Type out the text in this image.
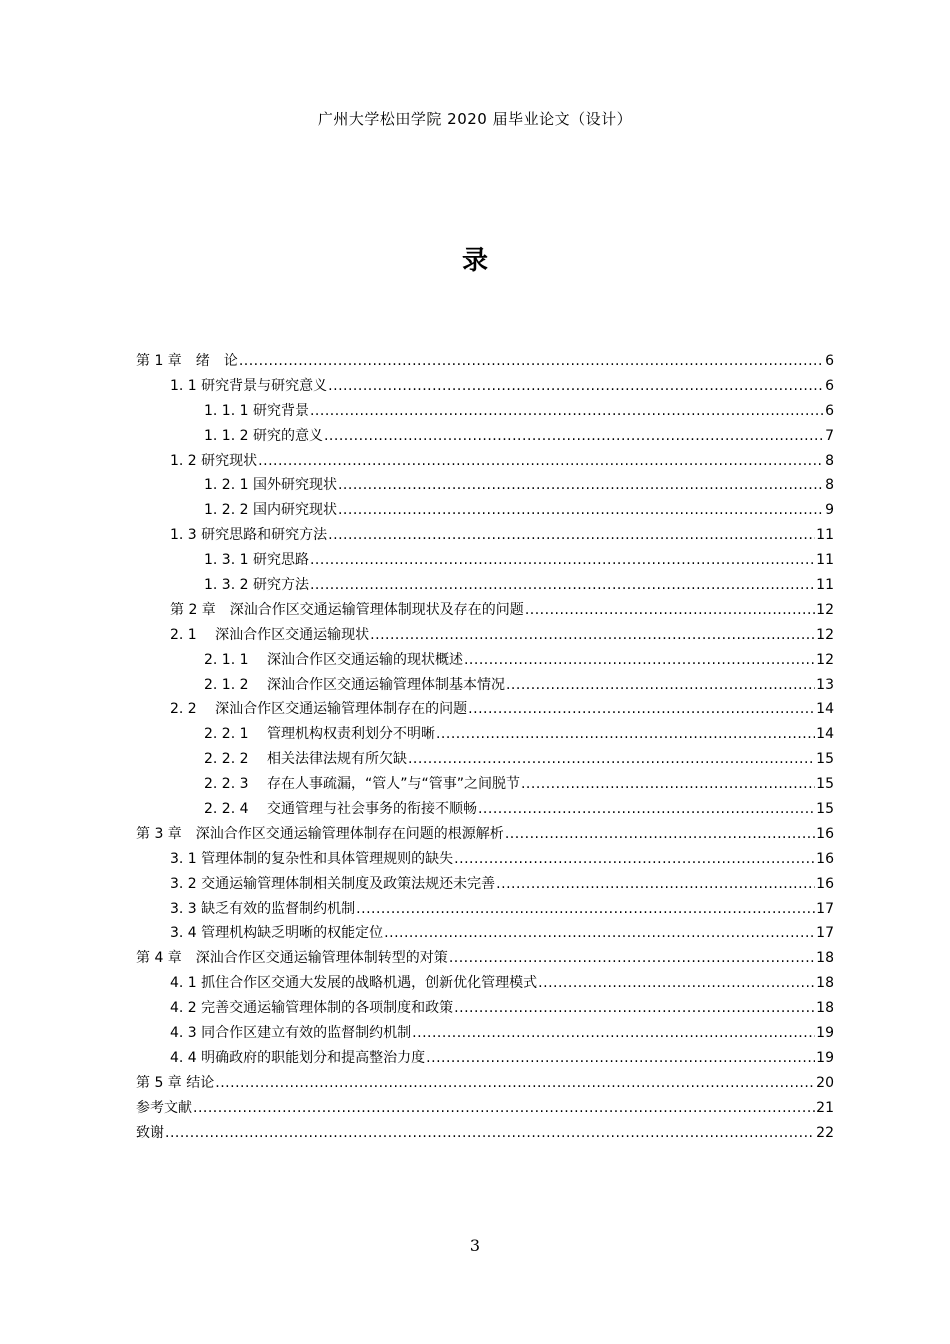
广州大学松田学院 2020 届毕业论文（设计）
录
第 1 章　绪　论 .....	6
1. 1 研究背景与研究意义 .....	6
1. 1. 1 研究背景 .....	6
1. 1. 2 研究的意义 .....	7
1. 2 研究现状 .....	8
1. 2. 1 国外研究现状 .....	8
1. 2. 2 国内研究现状 .....	9
1. 3 研究思路和研究方法 .....	11
1. 3. 1 研究思路 .....	11
1. 3. 2 研究方法 .....	11
第 2 章　深汕合作区交通运输管理体制现状及存在的问题 .....	12
2. 1　 深汕合作区交通运输现状 .....	12
2. 1. 1　 深汕合作区交通运输的现状概述 .....	12
2. 1. 2　 深汕合作区交通运输管理体制基本情况 .....	13
2. 2　 深汕合作区交通运输管理体制存在的问题 .....	14
2. 2. 1　 管理机构权责利划分不明晰 .....	14
2. 2. 2　 相关法律法规有所欠缺 .....	15
2. 2. 3　 存在人事疏漏，“管人”与“管事”之间脱节 .....	15
2. 2. 4　 交通管理与社会事务的衔接不顺畅 .....	15
第 3 章　深汕合作区交通运输管理体制存在问题的根源解析 .....	16
3. 1 管理体制的复杂性和具体管理规则的缺失 .....	16
3. 2 交通运输管理体制相关制度及政策法规还未完善 .....	16
3. 3 缺乏有效的监督制约机制 .....	17
3. 4 管理机构缺乏明晰的权能定位 .....	17
第 4 章　深汕合作区交通运输管理体制转型的对策 .....	18
4. 1 抓住合作区交通大发展的战略机遇，创新优化管理模式 .....	18
4. 2 完善交通运输管理体制的各项制度和政策 .....	18
4. 3 同合作区建立有效的监督制约机制 .....	19
4. 4 明确政府的职能划分和提高整治力度 .....	19
第 5 章 结论 .....	20
参考文献 .....	21
致谢 .....	22
3
